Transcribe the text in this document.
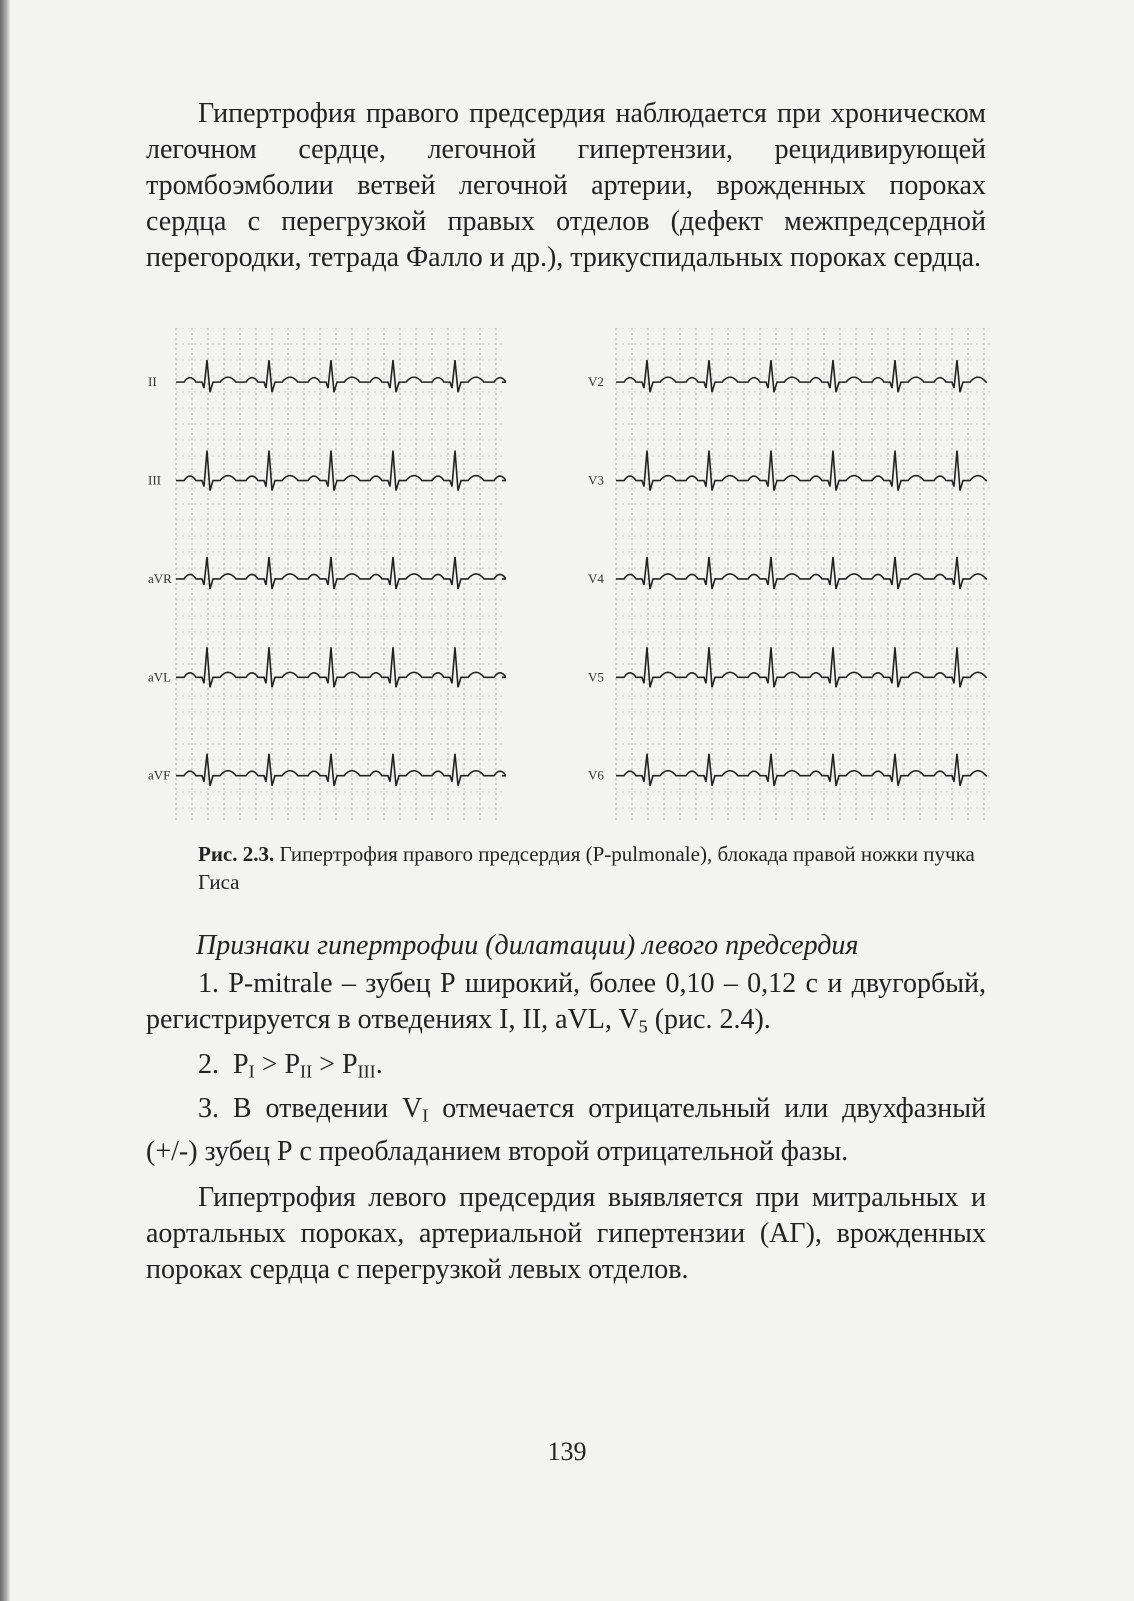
Гипертрофия правого предсердия наблюдается при хроническом легочном сердце, легочной гипертензии, рецидивирующей тромбоэмболии ветвей легочной артерии, врожденных пороках сердца с перегрузкой правых отделов (дефект межпредсердной перегородки, тетрада Фалло и др.), трикуспидальных пороках сердца.

II
III
aVR
aVL
aVF
V2
V3
V4
V5
V6
Рис. 2.3. Гипертрофия правого предсердия (P-pulmonale), блокада правой ножки пучка Гиса
Признаки гипертрофии (дилатации) левого предсердия

1. P-mitrale – зубец Р широкий, более 0,10 – 0,12 с и двугорбый, регистрируется в отведениях I, II, aVL, $V_5$ (рис. 2.4).

2. $P_I > P_{II} > P_{III}$.

3. В отведении $V_I$ отмечается отрицательный или двухфазный (+/-) зубец Р с преобладанием второй отрицательной фазы.

Гипертрофия левого предсердия выявляется при митральных и аортальных пороках, артериальной гипертензии (АГ), врожденных пороках сердца с перегрузкой левых отделов.

139
